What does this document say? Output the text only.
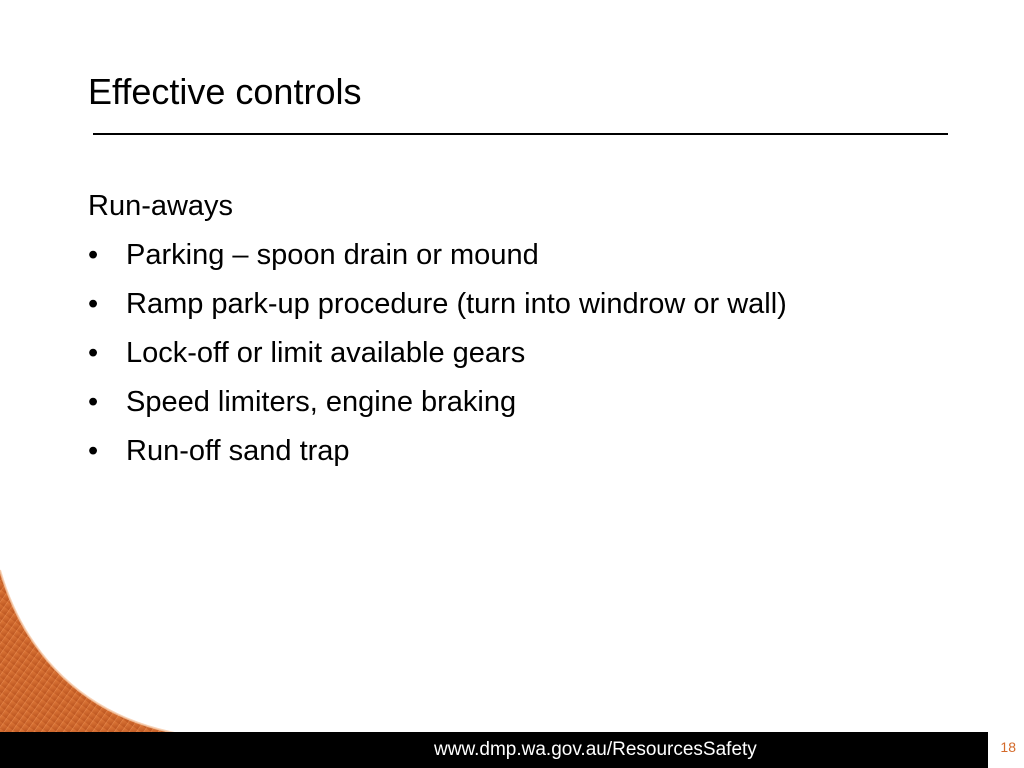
Effective controls
Run-aways
• Parking – spoon drain or mound
• Ramp park-up procedure (turn into windrow or wall)
• Lock-off or limit available gears
• Speed limiters, engine braking
• Run-off sand trap
www.dmp.wa.gov.au/ResourcesSafety	18
